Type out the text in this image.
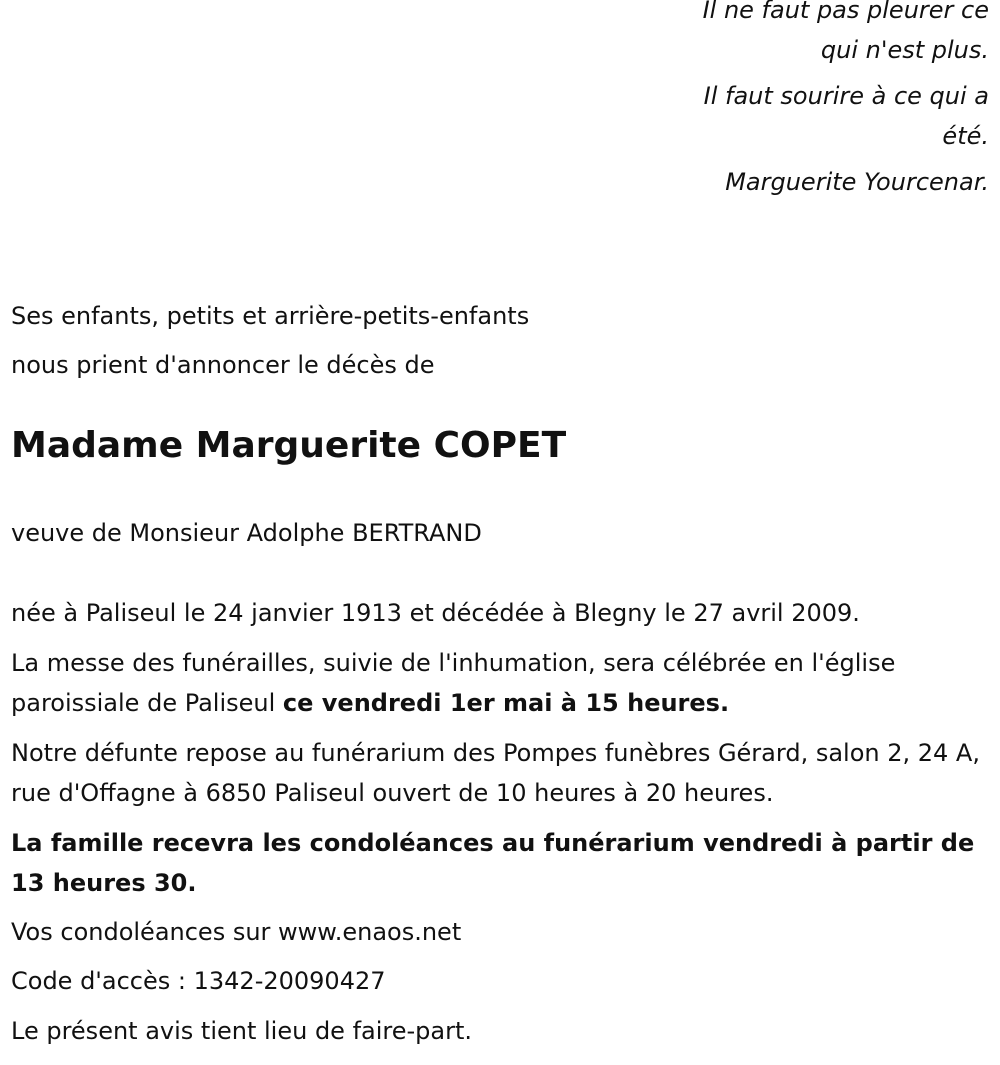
Il ne faut pas pleurer ce qui n'est plus.

Il faut sourire à ce qui a été.

Marguerite Yourcenar.

Ses enfants, petits et arrière-petits-enfants

nous prient d'annoncer le décès de

Madame Marguerite COPET

veuve de Monsieur Adolphe BERTRAND

née à Paliseul le 24 janvier 1913 et décédée à Blegny le 27 avril 2009.

La messe des funérailles, suivie de l'inhumation, sera célébrée en l'église paroissiale de Paliseul ce vendredi 1er mai à 15 heures.

Notre défunte repose au funérarium des Pompes funèbres Gérard, salon 2, 24 A, rue d'Offagne à 6850 Paliseul ouvert de 10 heures à 20 heures.

La famille recevra les condoléances au funérarium vendredi à partir de 13 heures 30.

Vos condoléances sur www.enaos.net

Code d'accès : 1342-20090427

Le présent avis tient lieu de faire-part.
